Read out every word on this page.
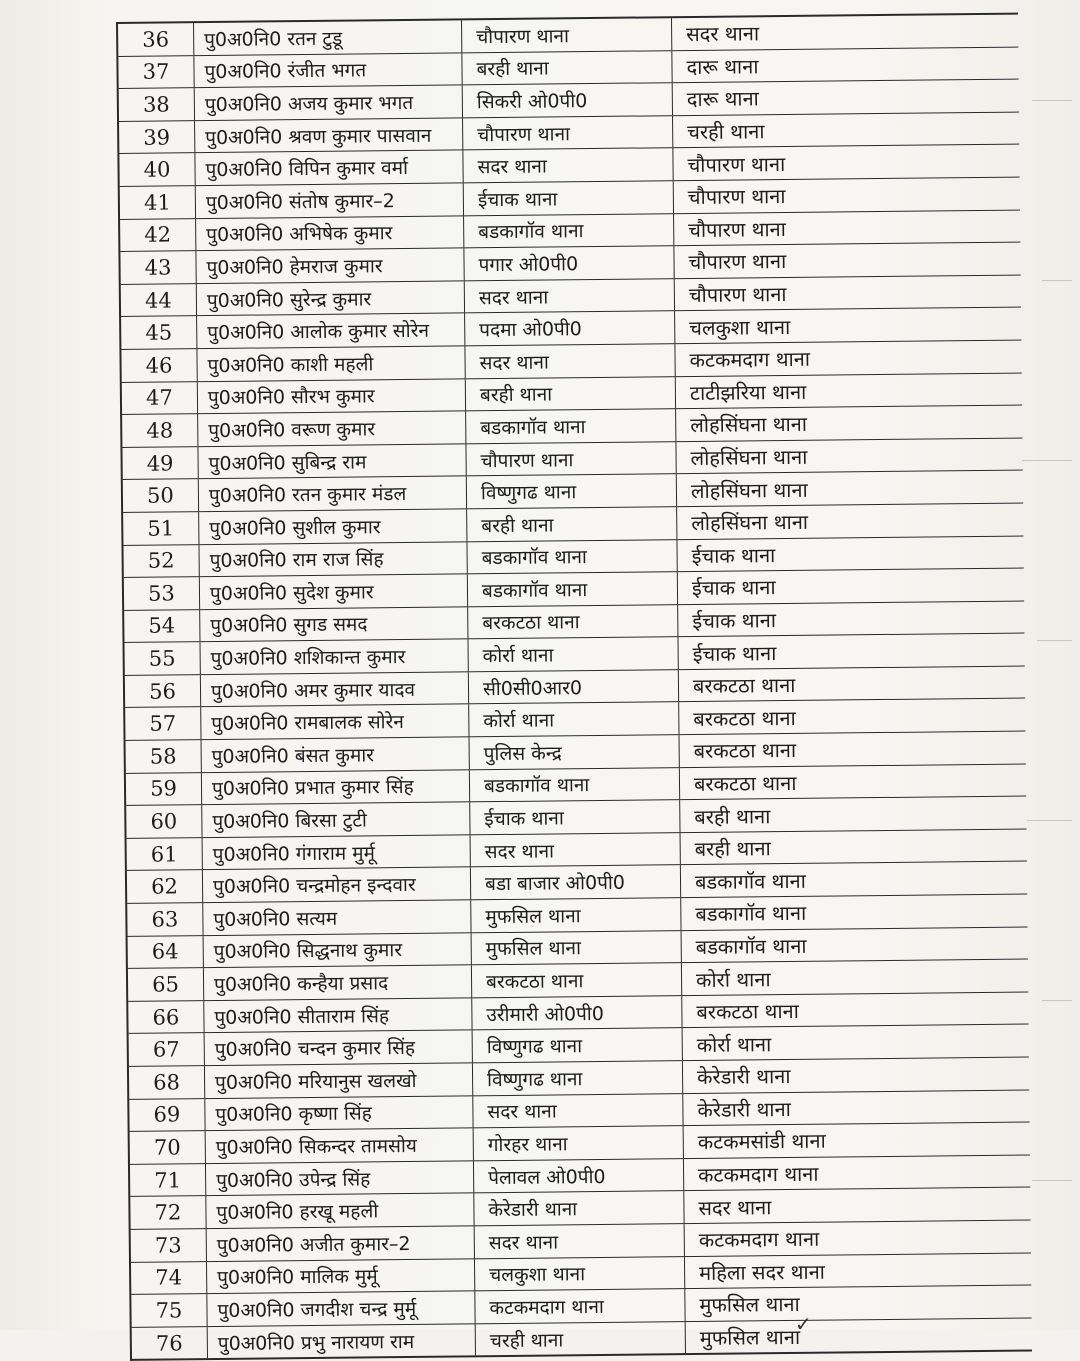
36	पु0अ0नि0 रतन टुडू	चौपारण थाना	सदर थाना
37	पु0अ0नि0 रंजीत भगत	बरही थाना	दारू थाना
38	पु0अ0नि0 अजय कुमार भगत	सिकरी ओ0पी0	दारू थाना
39	पु0अ0नि0 श्रवण कुमार पासवान	चौपारण थाना	चरही थाना
40	पु0अ0नि0 विपिन कुमार वर्मा	सदर थाना	चौपारण थाना
41	पु0अ0नि0 संतोष कुमार–2	ईचाक थाना	चौपारण थाना
42	पु0अ0नि0 अभिषेक कुमार	बडकागॉव थाना	चौपारण थाना
43	पु0अ0नि0 हेमराज कुमार	पगार ओ0पी0	चौपारण थाना
44	पु0अ0नि0 सुरेन्द्र कुमार	सदर थाना	चौपारण थाना
45	पु0अ0नि0 आलोक कुमार सोरेन	पदमा ओ0पी0	चलकुशा थाना
46	पु0अ0नि0 काशी महली	सदर थाना	कटकमदाग थाना
47	पु0अ0नि0 सौरभ कुमार	बरही थाना	टाटीझरिया थाना
48	पु0अ0नि0 वरूण कुमार	बडकागॉव थाना	लोहसिंघना थाना
49	पु0अ0नि0 सुबिन्द्र राम	चौपारण थाना	लोहसिंघना थाना
50	पु0अ0नि0 रतन कुमार मंडल	विष्णुगढ थाना	लोहसिंघना थाना
51	पु0अ0नि0 सुशील कुमार	बरही थाना	लोहसिंघना थाना
52	पु0अ0नि0 राम राज सिंह	बडकागॉव थाना	ईचाक थाना
53	पु0अ0नि0 सुदेश कुमार	बडकागॉव थाना	ईचाक थाना
54	पु0अ0नि0 सुगड समद	बरकटठा थाना	ईचाक थाना
55	पु0अ0नि0 शशिकान्त कुमार	कोर्रा थाना	ईचाक थाना
56	पु0अ0नि0 अमर कुमार यादव	सी0सी0आर0	बरकटठा थाना
57	पु0अ0नि0 रामबालक सोरेन	कोर्रा थाना	बरकटठा थाना
58	पु0अ0नि0 बंसत कुमार	पुलिस केन्द्र	बरकटठा थाना
59	पु0अ0नि0 प्रभात कुमार सिंह	बडकागॉव थाना	बरकटठा थाना
60	पु0अ0नि0 बिरसा टुटी	ईचाक थाना	बरही थाना
61	पु0अ0नि0 गंगाराम मुर्मू	सदर थाना	बरही थाना
62	पु0अ0नि0 चन्द्रमोहन इन्दवार	बडा बाजार ओ0पी0	बडकागॉव थाना
63	पु0अ0नि0 सत्यम	मुफसिल थाना	बडकागॉव थाना
64	पु0अ0नि0 सिद्धनाथ कुमार	मुफसिल थाना	बडकागॉव थाना
65	पु0अ0नि0 कन्हैया प्रसाद	बरकटठा थाना	कोर्रा थाना
66	पु0अ0नि0 सीताराम सिंह	उरीमारी ओ0पी0	बरकटठा थाना
67	पु0अ0नि0 चन्दन कुमार सिंह	विष्णुगढ थाना	कोर्रा थाना
68	पु0अ0नि0 मरियानुस खलखो	विष्णुगढ थाना	केरेडारी थाना
69	पु0अ0नि0 कृष्णा सिंह	सदर थाना	केरेडारी थाना
70	पु0अ0नि0 सिकन्दर तामसोय	गोरहर थाना	कटकमसांडी थाना
71	पु0अ0नि0 उपेन्द्र सिंह	पेलावल ओ0पी0	कटकमदाग थाना
72	पु0अ0नि0 हरखू महली	केरेडारी थाना	सदर थाना
73	पु0अ0नि0 अजीत कुमार–2	सदर थाना	कटकमदाग थाना
74	पु0अ0नि0 मालिक मुर्मू	चलकुशा थाना	महिला सदर थाना
75	पु0अ0नि0 जगदीश चन्द्र मुर्मू	कटकमदाग थाना	मुफसिल थाना
76	पु0अ0नि0 प्रभु नारायण राम	चरही थाना	मुफसिल थाना
✓
